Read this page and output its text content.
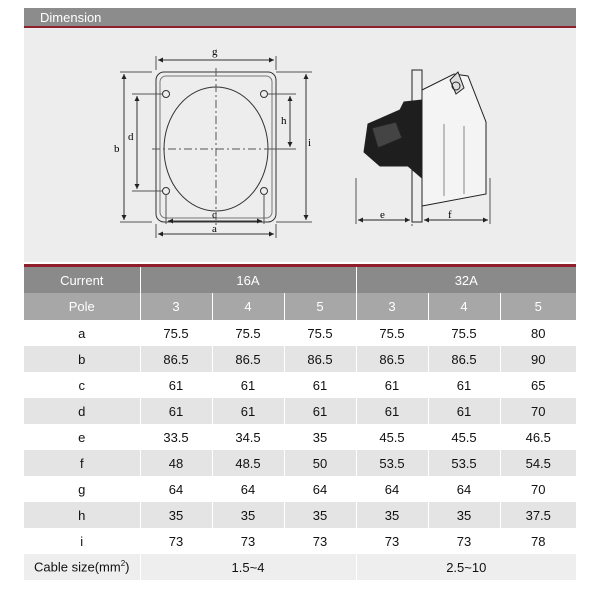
Dimension
g
b
d
h
i
c
a
e	f
Current	16A			32A		
Pole	3	4	5	3	4	5
a	75.5	75.5	75.5	75.5	75.5	80
b	86.5	86.5	86.5	86.5	86.5	90
c	61	61	61	61	61	65
d	61	61	61	61	61	70
e	33.5	34.5	35	45.5	45.5	46.5
f	48	48.5	50	53.5	53.5	54.5
g	64	64	64	64	64	70
h	35	35	35	35	35	37.5
i	73	73	73	73	73	78
Cable $size(mm^2)$	1.5~4			2.5~10		
